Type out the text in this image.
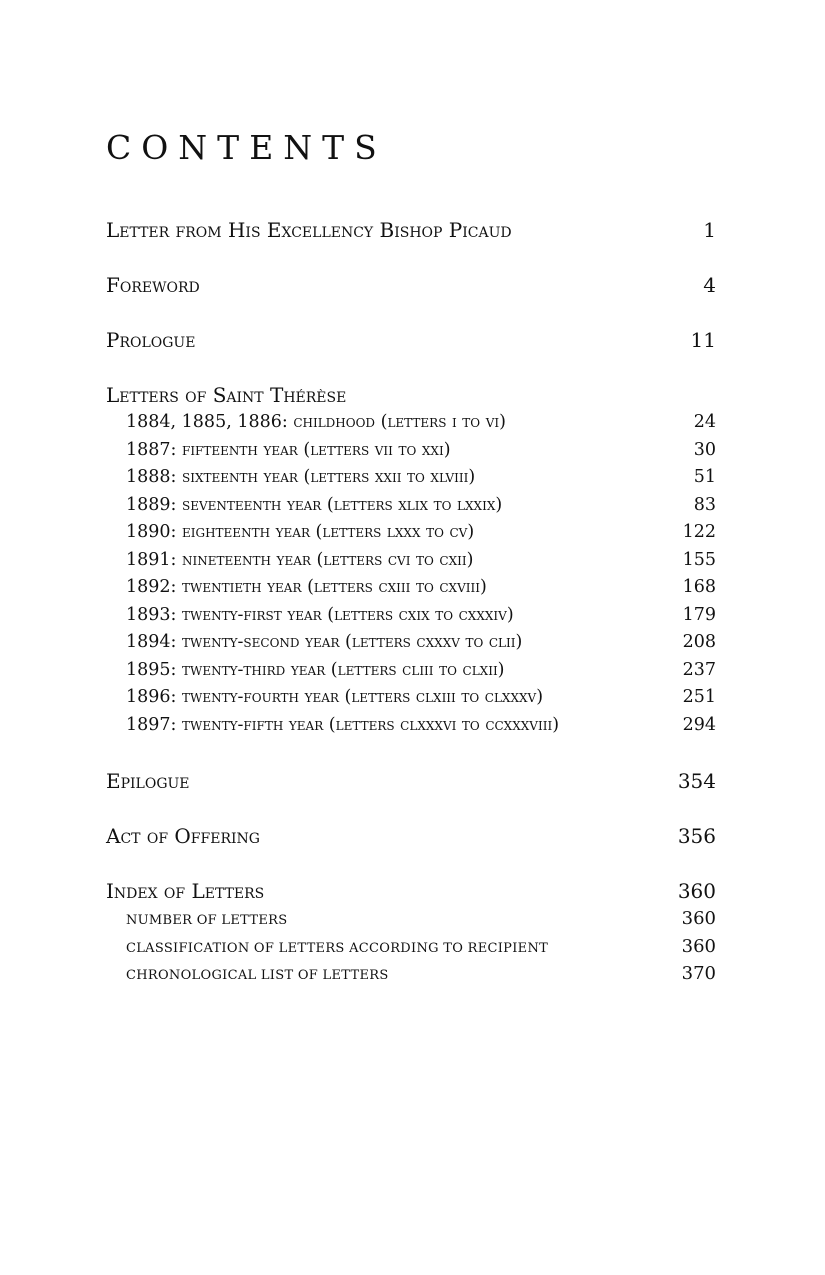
CONTENTS
Letter from His Excellency Bishop Picaud	1
Foreword	4
Prologue	11
Letters of Saint Thérèse
1884, 1885, 1886: childhood (letters i to vi)	24
1887: fifteenth year (letters vii to xxi)	30
1888: sixteenth year (letters xxii to xlviii)	51
1889: seventeenth year (letters xlix to lxxix)	83
1890: eighteenth year (letters lxxx to cv)	122
1891: nineteenth year (letters cvi to cxii)	155
1892: twentieth year (letters cxiii to cxviii)	168
1893: twenty-first year (letters cxix to cxxxiv)	179
1894: twenty-second year (letters cxxxv to clii)	208
1895: twenty-third year (letters cliii to clxii)	237
1896: twenty-fourth year (letters clxiii to clxxxv)	251
1897: twenty-fifth year (letters clxxxvi to ccxxxviii)	294
Epilogue	354
Act of Offering	356
Index of Letters	360
number of letters	360
classification of letters according to recipient	360
chronological list of letters	370
